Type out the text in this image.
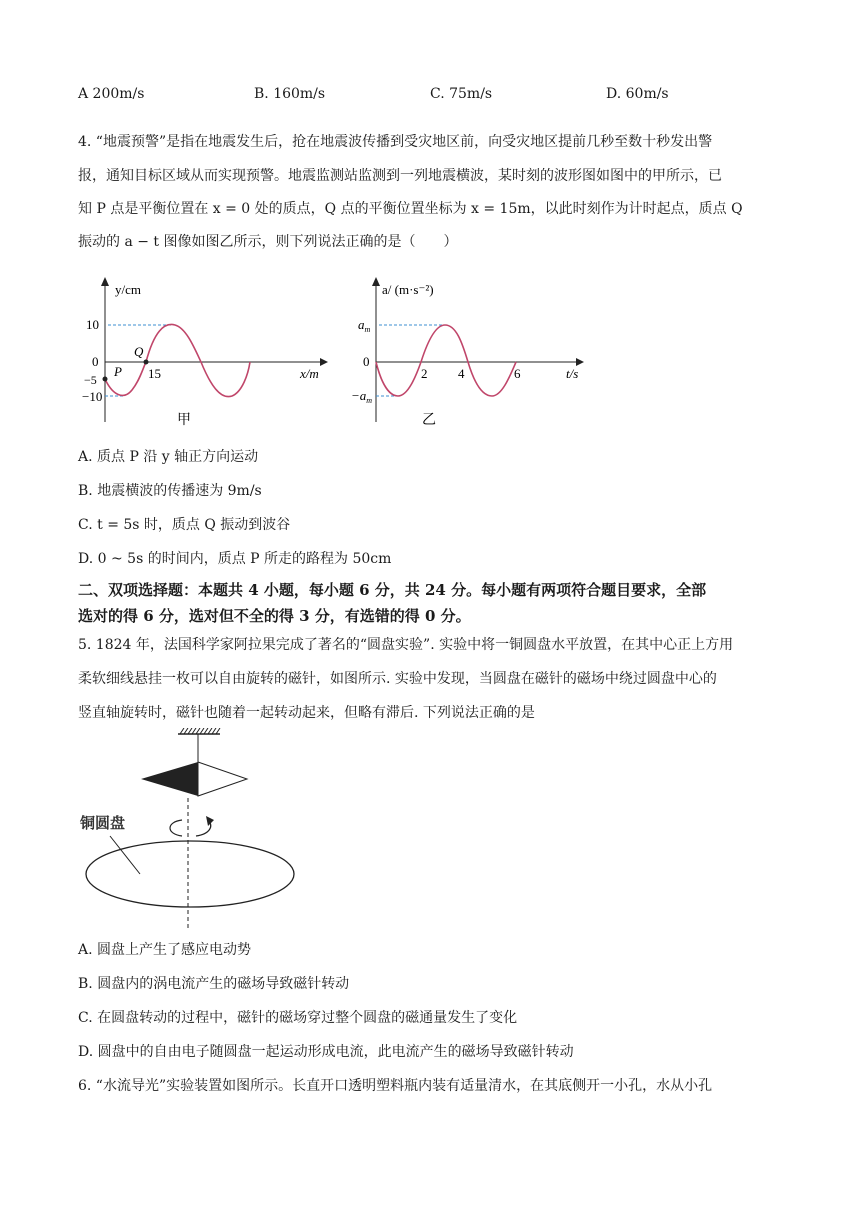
A 200m/s	B. 160m/s	C. 75m/s	D. 60m/s
4. “地震预警”是指在地震发生后，抢在地震波传播到受灾地区前，向受灾地区提前几秒至数十秒发出警
报，通知目标区域从而实现预警。地震监测站监测到一列地震横波，某时刻的波形图如图中的甲所示，已
知 P 点是平衡位置在 x = 0 处的质点，Q 点的平衡位置坐标为 x = 15m，以此时刻作为计时起点，质点 Q
振动的 a − t 图像如图乙所示，则下列说法正确的是（　　）
y/cm
x/m
10
0
−5
−10
15
P
Q
甲
a/ (m·s⁻²)
t/s
$a_m$
0
$-a_m$
2 4	6
乙
A. 质点 P 沿 y 轴正方向运动
B. 地震横波的传播速为 9m/s
C. t = 5s 时，质点 Q 振动到波谷
D. 0 ~ 5s 的时间内，质点 P 所走的路程为 50cm
二、双项选择题：本题共 4 小题，每小题 6 分，共 24 分。每小题有两项符合题目要求，全部
选对的得 6 分，选对但不全的得 3 分，有选错的得 0 分。
5. 1824 年，法国科学家阿拉果完成了著名的“圆盘实验”. 实验中将一铜圆盘水平放置，在其中心正上方用
柔软细线悬挂一枚可以自由旋转的磁针，如图所示. 实验中发现，当圆盘在磁针的磁场中绕过圆盘中心的
竖直轴旋转时，磁针也随着一起转动起来，但略有滞后. 下列说法正确的是
铜圆盘
A. 圆盘上产生了感应电动势
B. 圆盘内的涡电流产生的磁场导致磁针转动
C. 在圆盘转动的过程中，磁针的磁场穿过整个圆盘的磁通量发生了变化
D. 圆盘中的自由电子随圆盘一起运动形成电流，此电流产生的磁场导致磁针转动
6. “水流导光”实验装置如图所示。长直开口透明塑料瓶内装有适量清水，在其底侧开一小孔，水从小孔
